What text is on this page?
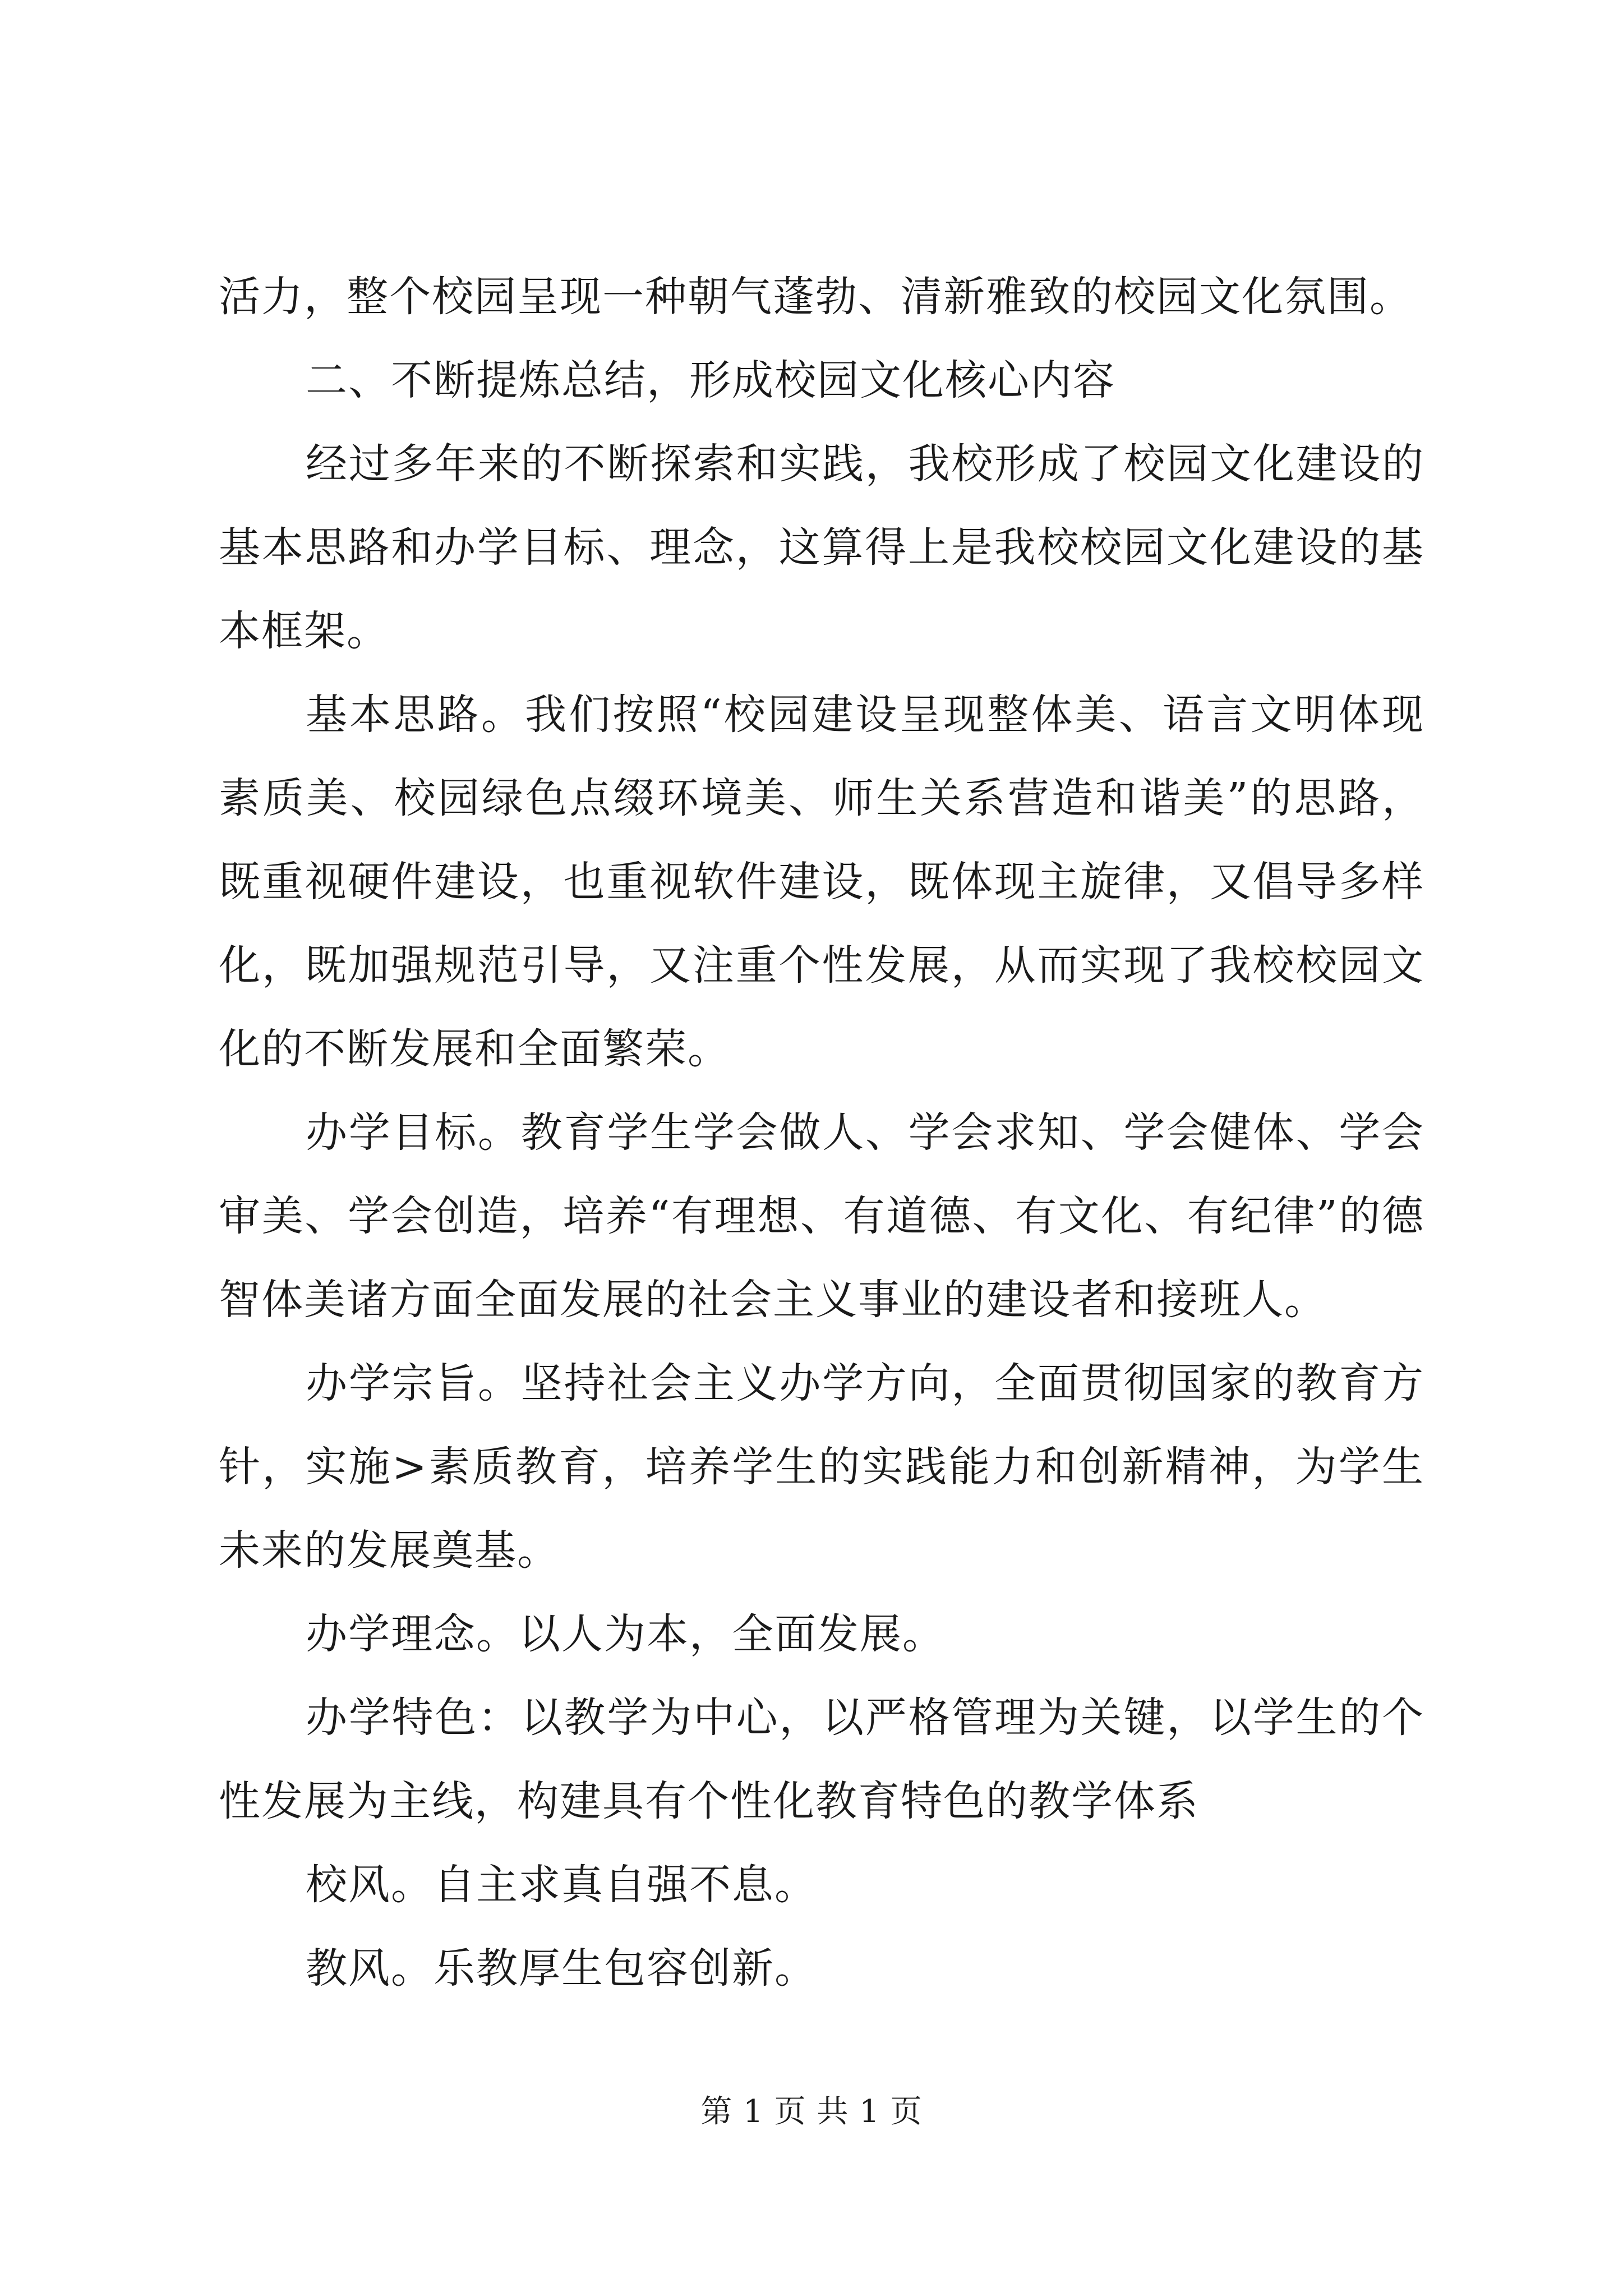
活力，整个校园呈现一种朝气蓬勃、清新雅致的校园文化氛围。

二、不断提炼总结，形成校园文化核心内容

经过多年来的不断探索和实践，我校形成了校园文化建设的基本思路和办学目标、理念，这算得上是我校校园文化建设的基本框架。

基本思路。我们按照“校园建设呈现整体美、语言文明体现素质美、校园绿色点缀环境美、师生关系营造和谐美”的思路，既重视硬件建设，也重视软件建设，既体现主旋律，又倡导多样化，既加强规范引导，又注重个性发展，从而实现了我校校园文化的不断发展和全面繁荣。

办学目标。教育学生学会做人、学会求知、学会健体、学会审美、学会创造，培养“有理想、有道德、有文化、有纪律”的德智体美诸方面全面发展的社会主义事业的建设者和接班人。

办学宗旨。坚持社会主义办学方向，全面贯彻国家的教育方针，实施>素质教育，培养学生的实践能力和创新精神，为学生未来的发展奠基。

办学理念。以人为本，全面发展。

办学特色：以教学为中心，以严格管理为关键，以学生的个性发展为主线，构建具有个性化教育特色的教学体系

校风。自主求真自强不息。

教风。乐教厚生包容创新。

第 1 页 共 1 页
